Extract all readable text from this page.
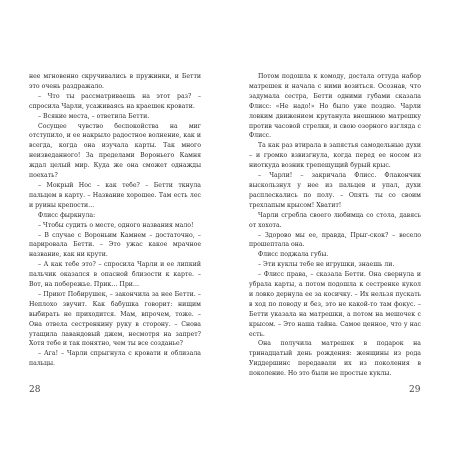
нее мгновенно скручивались в пружинки, и Бетти это очень раздражало.

– Что ты рассматриваешь на этот раз? – спросила Чарли, усаживаясь на краешек кровати.

– Всякие места, – ответила Бетти.

Сосущее чувство беспокойства на миг отступило, и ее накрыло радостное волнение, как и всегда, когда она изучала карты. Так много неизведанного! За пределами Вороньего Камня ждал целый мир. Куда же она сможет однажды поехать?

– Мокрый Нос – как тебе? – Бетти ткнула пальцем в карту. – Название хорошее. Там есть лес и руины крепости…

Флисс фыркнула:

– Чтобы судить о месте, одного названия мало!

– В случае с Вороньим Камнем – достаточно, – парировала Бетти. – Это ужас какое мрачное название, как ни крути.

– А как тебе это? – спросила Чарли и ее липкий пальчик оказался в опасной близости к карте. – Вот, на побережье. Прик… При…

– Приют Побирушек, – закончила за нее Бетти. – Неплохо звучит. Как бабушка говорит: нищим выбирать не приходится. Мам, впрочем, тоже. – Она отвела сестренкину руку в сторону. – Снова утащила лавандовый джем, несмотря на запрет? Хотя тебе и так понятно, чем ты все созданье?

– Ага! – Чарли спрыгнула с кровати и облизала пальцы.

28

Потом подошла к комоду, достала оттуда набор матрешек и начала с ними возиться. Осознав, что задумала сестра, Бетти одними губами сказала Флисс: «Не надо!» Но было уже поздно. Чарли ловким движением крутанула внешнюю матрешку против часовой стрелки, и свою озорного взгляда с Флисс.

Та как раз втирала в запястья самодельные духи – и громко взвизгнула, когда перед ее носом из ниоткуда возник трепещущий бурый крыс.

– Чарли! – закричала Флисс. Флакончик выскользнул у нее из пальцев и упал, духи расплескались по полу. – Опять ты со своим трехлапым крысом! Хватит!

Чарли сгребла своего любимца со стола, давясь от хохота.

– Здорово мы ее, правда, Прыг-скок? – весело прошептала она.

Флисс поджала губы.

– Эти куклы тебе не игрушки, знаешь ли.

– Флисс права, – сказала Бетти. Она свернула и убрала карты, а потом подошла к сестренке кукол и ловко дернула ее за косичку. – Их нельзя пускать в ход по поводу и без, это не какой-то там фокус. – Бетти указала на матрешки, а потом на мешочек с крысом. – Это наша тайна. Самое ценное, что у нас есть.

Она получила матрешек в подарок на тринадцатый день рождения: женщины из рода Уиддершинс передавали их из поколения в поколение. Но это были не простые куклы.

29
